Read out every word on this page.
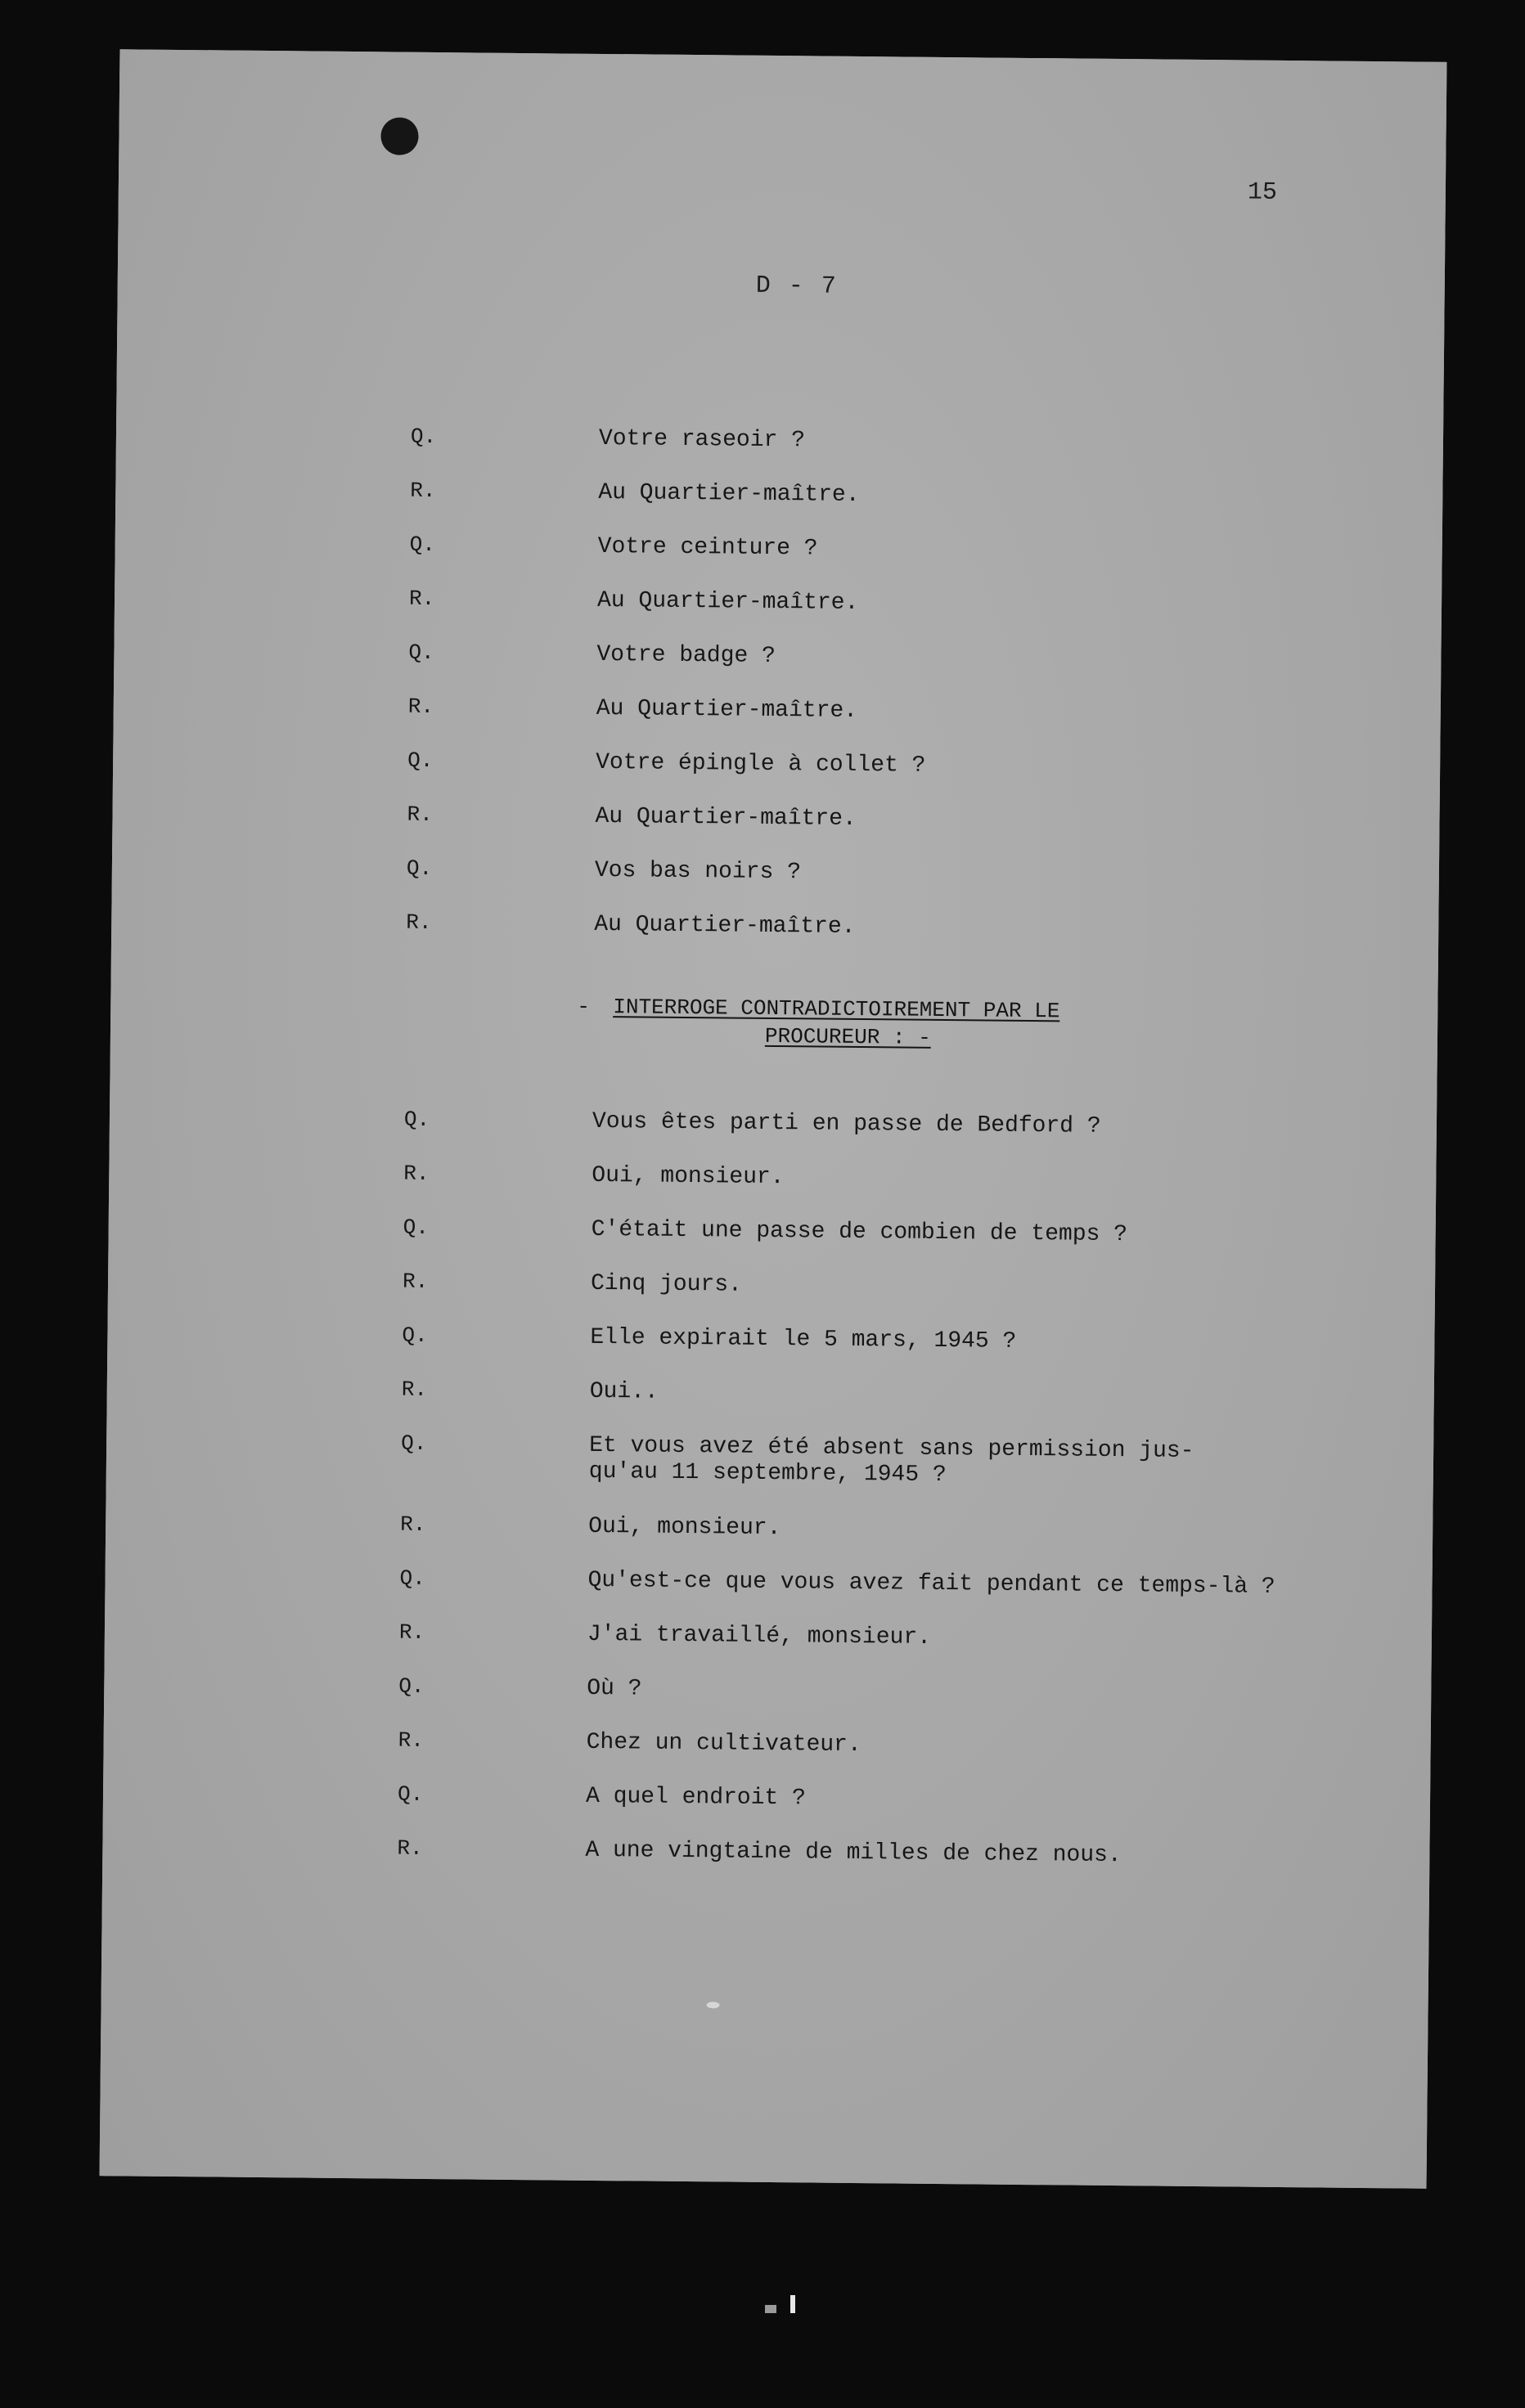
15
D - 7
Q.	Votre raseoir ?
R.	Au Quartier-maître.
Q.	Votre ceinture ?
R.	Au Quartier-maître.
Q.	Votre badge ?
R.	Au Quartier-maître.
Q.	Votre épingle à collet ?
R.	Au Quartier-maître.
Q.	Vos bas noirs ?
R.	Au Quartier-maître.
- INTERROGE CONTRADICTOIREMENT PAR LE
PROCUREUR : -
Q.	Vous êtes parti en passe de Bedford ?
R.	Oui, monsieur.
Q.	C'était une passe de combien de temps ?
R.	Cinq jours.
Q.	Elle expirait le 5 mars, 1945 ?
R.	Oui..
Q.	Et vous avez été absent sans permission jus-
qu'au 11 septembre, 1945 ?
R.	Oui, monsieur.
Q.	Qu'est-ce que vous avez fait pendant ce temps-là ?
R.	J'ai travaillé, monsieur.
Q.	Où ?
R.	Chez un cultivateur.
Q.	A quel endroit ?
R.	A une vingtaine de milles de chez nous.
